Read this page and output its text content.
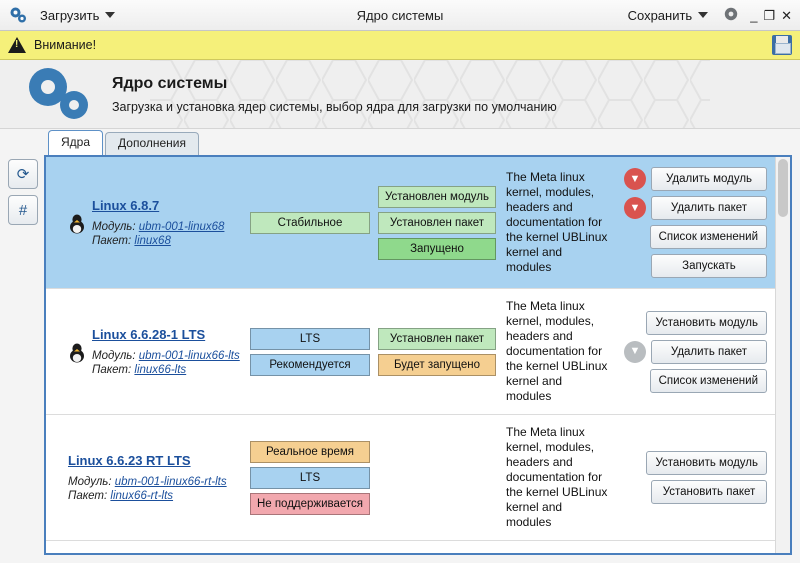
Загрузить	Ядро системы	Сохранить	_ ❐ ✕
!
Внимание!
Ядро системы
Загрузка и установка ядер системы, выбор ядра для загрузки по умолчанию
Ядра	Дополнения
⟳
#	Linux 6.8.7
Модуль: ubm-001-linux68
Пакет: linux68
Стабильное
Установлен модуль
Установлен пакет
Запущено
The Meta linux kernel, modules, headers and documentation for the kernel UBLinux kernel and modules
▼	Удалить модуль
▼	Удалить пакет
Список изменений
Запускать
Linux 6.6.28-1 LTS
Модуль: ubm-001-linux66-lts
Пакет: linux66-lts
LTS
Рекомендуется
Установлен пакет
Будет запущено
The Meta linux kernel, modules, headers and documentation for the kernel UBLinux kernel and modules
Установить модуль
▼	Удалить пакет
Список изменений
Linux 6.6.23 RT LTS
Модуль: ubm-001-linux66-rt-lts
Пакет: linux66-rt-lts
Реальное время
LTS
Не поддерживается
The Meta linux kernel, modules, headers and documentation for the kernel UBLinux kernel and modules
Установить модуль
Установить пакет
